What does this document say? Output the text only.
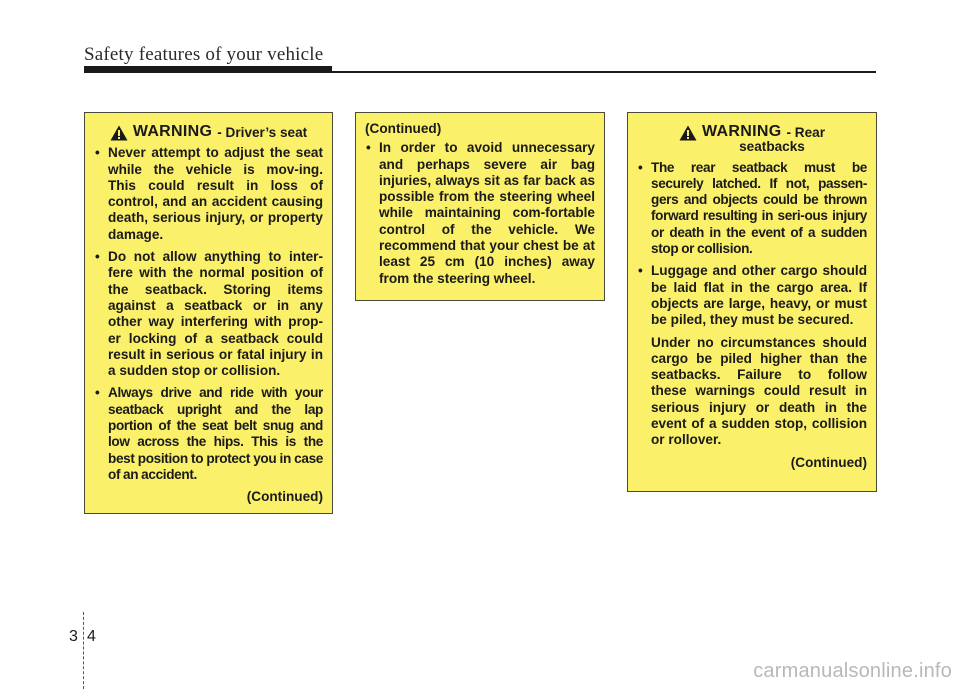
Safety features of your vehicle
WARNING - Driver’s seat
• Never attempt to adjust the seat while the vehicle is mov-ing. This could result in loss of control, and an accident causing death, serious injury, or property damage.
• Do not allow anything to inter-fere with the normal position of the seatback. Storing items against a seatback or in any other way interfering with prop-er locking of a seatback could result in serious or fatal injury in a sudden stop or collision.
• Always drive and ride with your seatback upright and the lap portion of the seat belt snug and low across the hips. This is the best position to protect you in case of an accident.
(Continued)
(Continued)
• In order to avoid unnecessary and perhaps severe air bag injuries, always sit as far back as possible from the steering wheel while maintaining com-fortable control of the vehicle. We recommend that your chest be at least 25 cm (10 inches) away from the steering wheel.
WARNING - Rear
seatbacks
• The rear seatback must be securely latched. If not, passen-gers and objects could be thrown forward resulting in seri-ous injury or death in the event of a sudden stop or collision.
• Luggage and other cargo should be laid flat in the cargo area. If objects are large, heavy, or must be piled, they must be secured.
Under no circumstances should cargo be piled higher than the seatbacks. Failure to follow these warnings could result in serious injury or death in the event of a sudden stop, collision or rollover.
(Continued)
3 4
carmanualsonline.info
